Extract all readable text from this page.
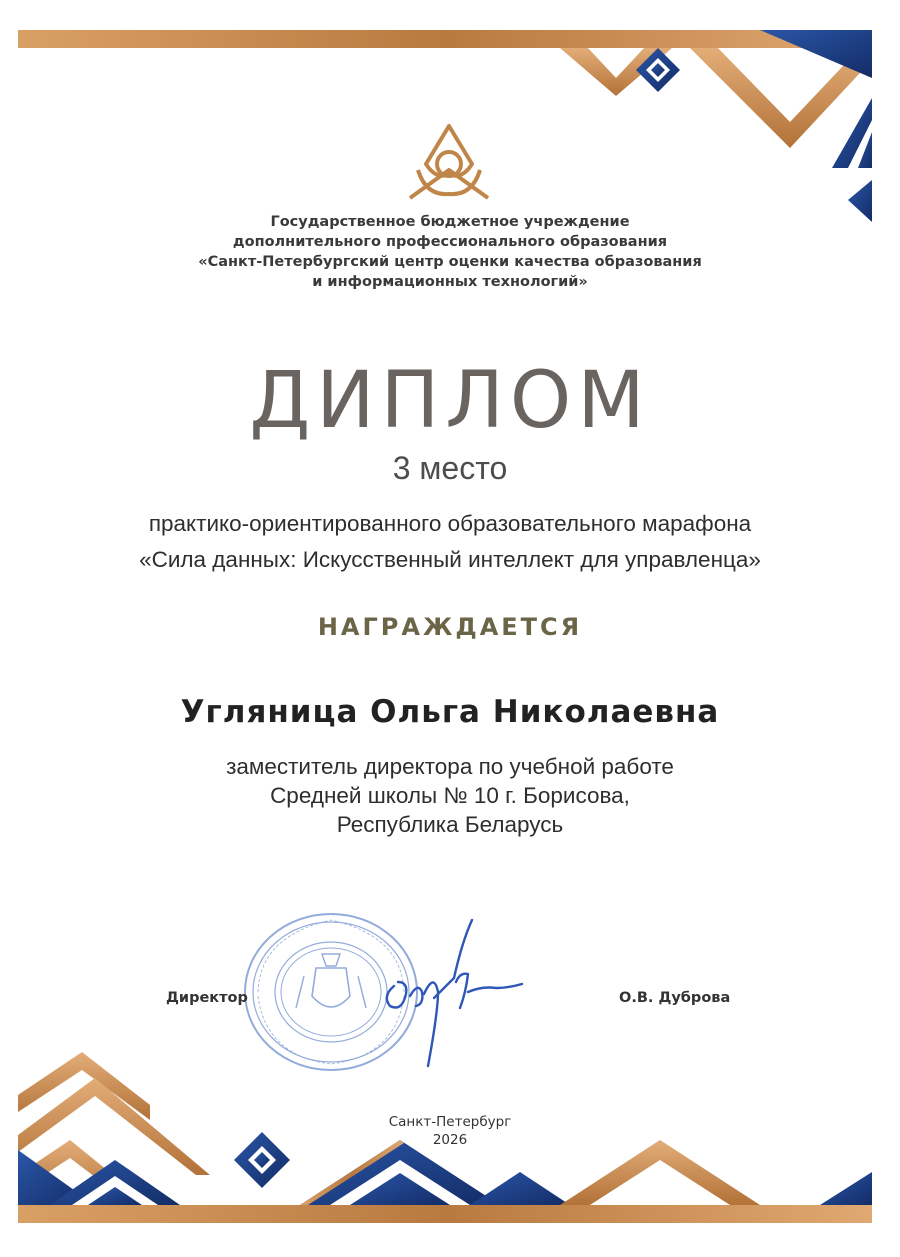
Государственное бюджетное учреждение
дополнительного профессионального образования
«Санкт-Петербургский центр оценки качества образования
и информационных технологий»
ДИПЛОМ
3 место
практико-ориентированного образовательного марафона
«Сила данных: Искусственный интеллект для управленца»
НАГРАЖДАЕТСЯ
Угляница Ольга Николаевна
заместитель директора по учебной работе
Средней школы № 10 г. Борисова,
Республика Беларусь
Директор	О.В. Дуброва
Санкт-Петербург
2026
